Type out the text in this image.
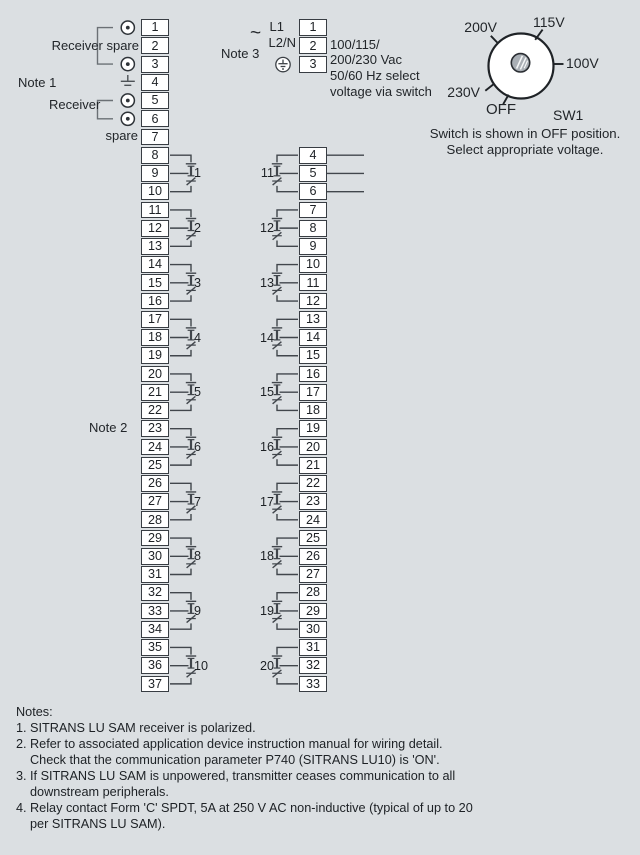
1
2
3
4
5
6
7
8
9
10
11
12
13
14
15
16
17
18
19
20
21
22
23
24
25
26
27
28
29
30
31
32
33
34
35
36
37
1
2
3
4
5
6
7
8
9
10
11
12
13
14
15
16
17
18
19
20
21
22
23
24
25
26
27
28
29
30
31
32
33
1
2
3
4
5
6
7
8
9
10
11
12
13
14
15
16
17
18
19
20
Receiver spare
Note 1
Receiver
spare
Note 2
Note 3
~ L1
L2/N	100/115/
200/230 Vac
50/60 Hz select
voltage via switch
200V	115V
100V
230V
OFF	SW1
Switch is shown in OFF position.
Select appropriate voltage.
Notes:
1. SITRANS LU SAM receiver is polarized.
2. Refer to associated application device instruction manual for wiring detail.
Check that the communication parameter P740 (SITRANS LU10) is 'ON'.
3. If SITRANS LU SAM is unpowered, transmitter ceases communication to all
downstream peripherals.
4. Relay contact Form 'C' SPDT, 5A at 250 V AC non-inductive (typical of up to 20
per SITRANS LU SAM).
